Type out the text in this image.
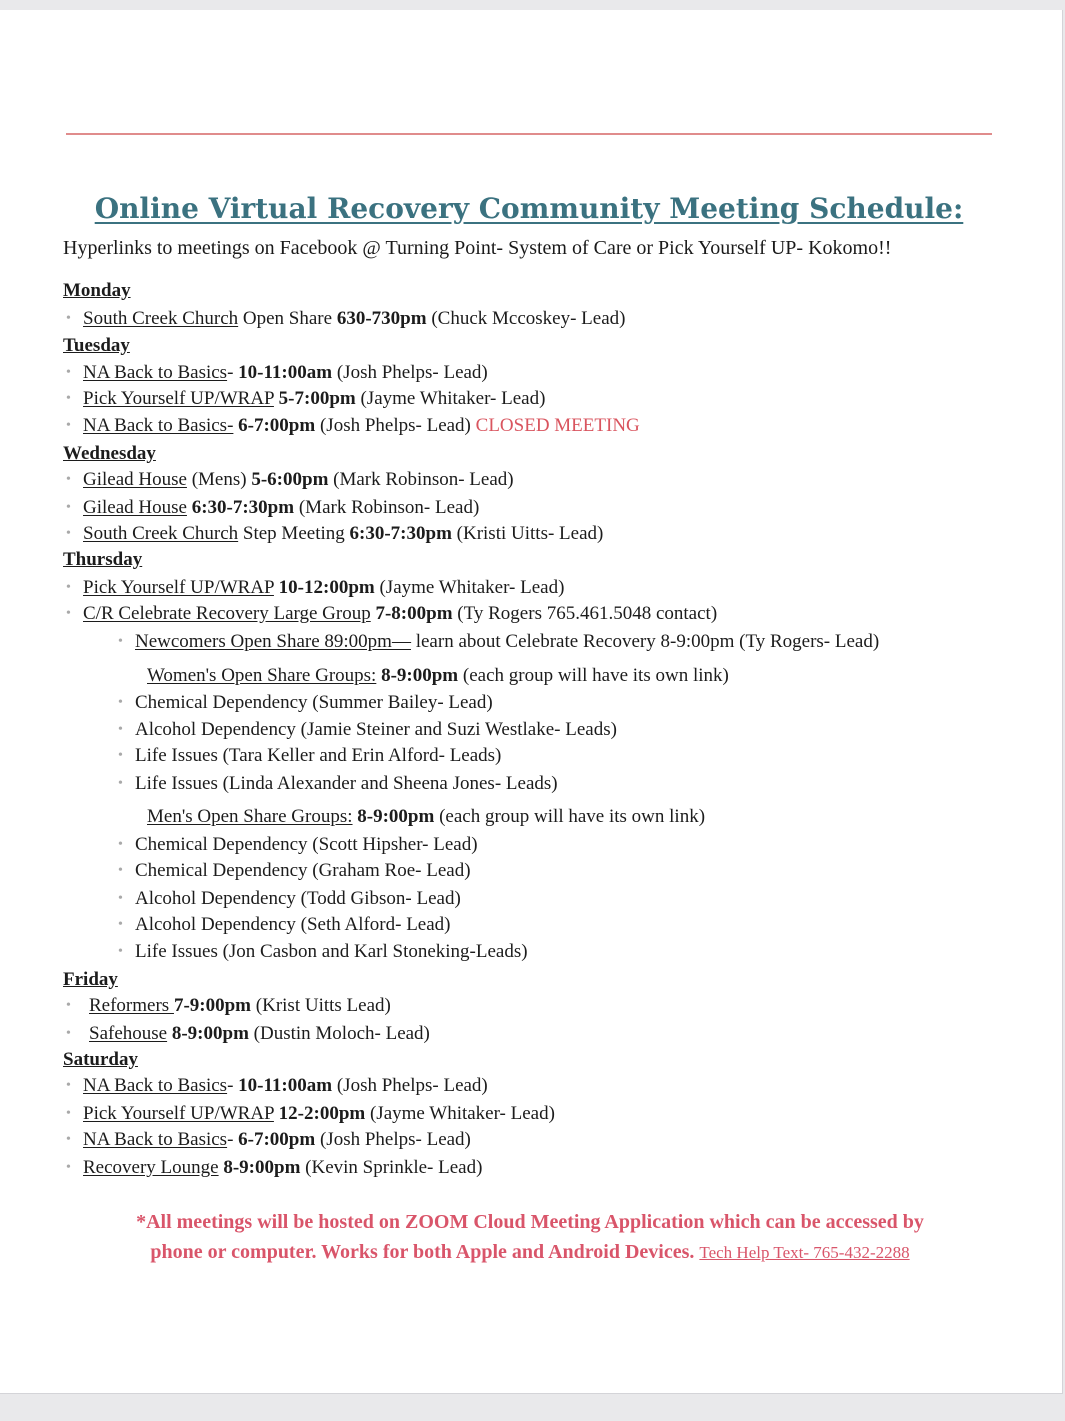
Online Virtual Recovery Community Meeting Schedule:
Hyperlinks to meetings on Facebook @ Turning Point- System of Care or Pick Yourself UP- Kokomo!!
Monday
• South Creek Church Open Share 630-730pm (Chuck Mccoskey- Lead)
Tuesday
• NA Back to Basics- 10-11:00am (Josh Phelps- Lead)
• Pick Yourself UP/WRAP 5-7:00pm (Jayme Whitaker- Lead)
• NA Back to Basics- 6-7:00pm (Josh Phelps- Lead) CLOSED MEETING
Wednesday
• Gilead House (Mens) 5-6:00pm (Mark Robinson- Lead)
• Gilead House 6:30-7:30pm (Mark Robinson- Lead)
• South Creek Church Step Meeting 6:30-7:30pm (Kristi Uitts- Lead)
Thursday
• Pick Yourself UP/WRAP 10-12:00pm (Jayme Whitaker- Lead)
• C/R Celebrate Recovery Large Group 7-8:00pm (Ty Rogers 765.461.5048 contact)
• Newcomers Open Share 89:00pm— learn about Celebrate Recovery 8-9:00pm (Ty Rogers- Lead)
Women's Open Share Groups: 8-9:00pm (each group will have its own link)
• Chemical Dependency (Summer Bailey- Lead)
• Alcohol Dependency (Jamie Steiner and Suzi Westlake- Leads)
• Life Issues (Tara Keller and Erin Alford- Leads)
• Life Issues (Linda Alexander and Sheena Jones- Leads)
Men's Open Share Groups: 8-9:00pm (each group will have its own link)
• Chemical Dependency (Scott Hipsher- Lead)
• Chemical Dependency (Graham Roe- Lead)
• Alcohol Dependency (Todd Gibson- Lead)
• Alcohol Dependency (Seth Alford- Lead)
• Life Issues (Jon Casbon and Karl Stoneking-Leads)
Friday
• Reformers 7-9:00pm (Krist Uitts Lead)
• Safehouse 8-9:00pm (Dustin Moloch- Lead)
Saturday
• NA Back to Basics- 10-11:00am (Josh Phelps- Lead)
• Pick Yourself UP/WRAP 12-2:00pm (Jayme Whitaker- Lead)
• NA Back to Basics- 6-7:00pm (Josh Phelps- Lead)
• Recovery Lounge 8-9:00pm (Kevin Sprinkle- Lead)
*All meetings will be hosted on ZOOM Cloud Meeting Application which can be accessed by
phone or computer. Works for both Apple and Android Devices. Tech Help Text- 765-432-2288
